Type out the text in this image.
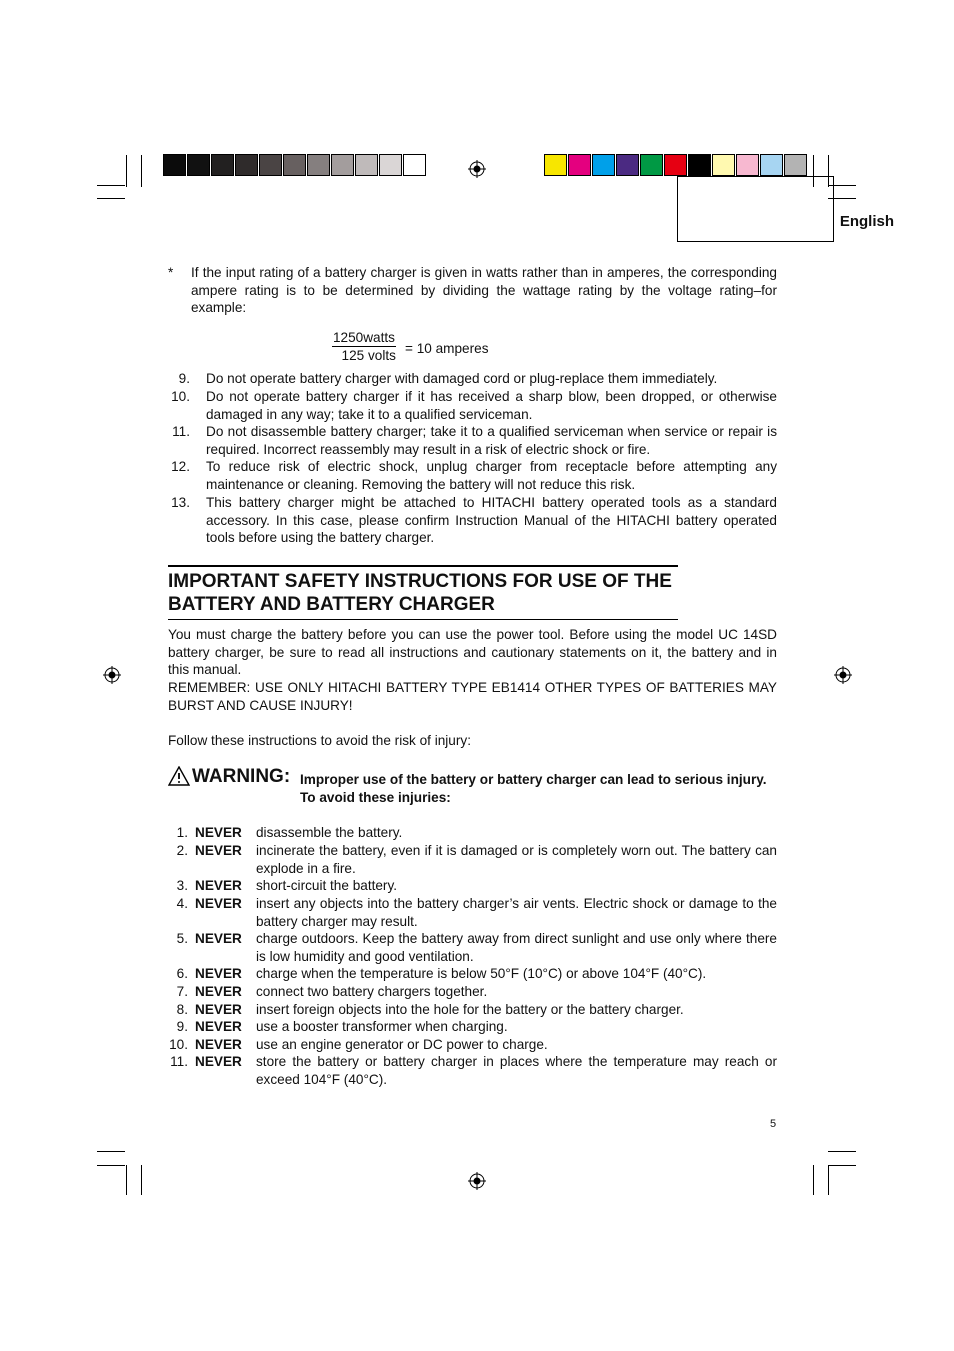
English
* If the input rating of a battery charger is given in watts rather than in amperes, the corresponding ampere rating is to be determined by dividing the wattage rating by the voltage rating–for example:
1250watts
125 volts = 10 amperes
9. Do not operate battery charger with damaged cord or plug-replace them immediately.
10. Do not operate battery charger if it has received a sharp blow, been dropped, or otherwise damaged in any way; take it to a qualified serviceman.
11. Do not disassemble battery charger; take it to a qualified serviceman when service or repair is required. Incorrect reassembly may result in a risk of electric shock or fire.
12. To reduce risk of electric shock, unplug charger from receptacle before attempting any maintenance or cleaning. Removing the battery will not reduce this risk.
13. This battery charger might be attached to HITACHI battery operated tools as a standard accessory. In this case, please confirm Instruction Manual of the HITACHI battery operated tools before using the battery charger.
IMPORTANT SAFETY INSTRUCTIONS FOR USE OF THE
BATTERY AND BATTERY CHARGER
You must charge the battery before you can use the power tool. Before using the model UC 14SD battery charger, be sure to read all instructions and cautionary statements on it, the battery and in this manual.
REMEMBER: USE ONLY HITACHI BATTERY TYPE EB1414 OTHER TYPES OF BATTERIES MAY BURST AND CAUSE INJURY!
Follow these instructions to avoid the risk of injury:
WARNING: Improper use of the battery or battery charger can lead to serious injury.
To avoid these injuries:
1. NEVER disassemble the battery.
2. NEVER incinerate the battery, even if it is damaged or is completely worn out. The battery can explode in a fire.
3. NEVER short-circuit the battery.
4. NEVER insert any objects into the battery charger’s air vents. Electric shock or damage to the battery charger may result.
5. NEVER charge outdoors. Keep the battery away from direct sunlight and use only where there is low humidity and good ventilation.
6. NEVER charge when the temperature is below 50°F (10°C) or above 104°F (40°C).
7. NEVER connect two battery chargers together.
8. NEVER insert foreign objects into the hole for the battery or the battery charger.
9. NEVER use a booster transformer when charging.
10. NEVER use an engine generator or DC power to charge.
11. NEVER store the battery or battery charger in places where the temperature may reach or exceed 104°F (40°C).
5
